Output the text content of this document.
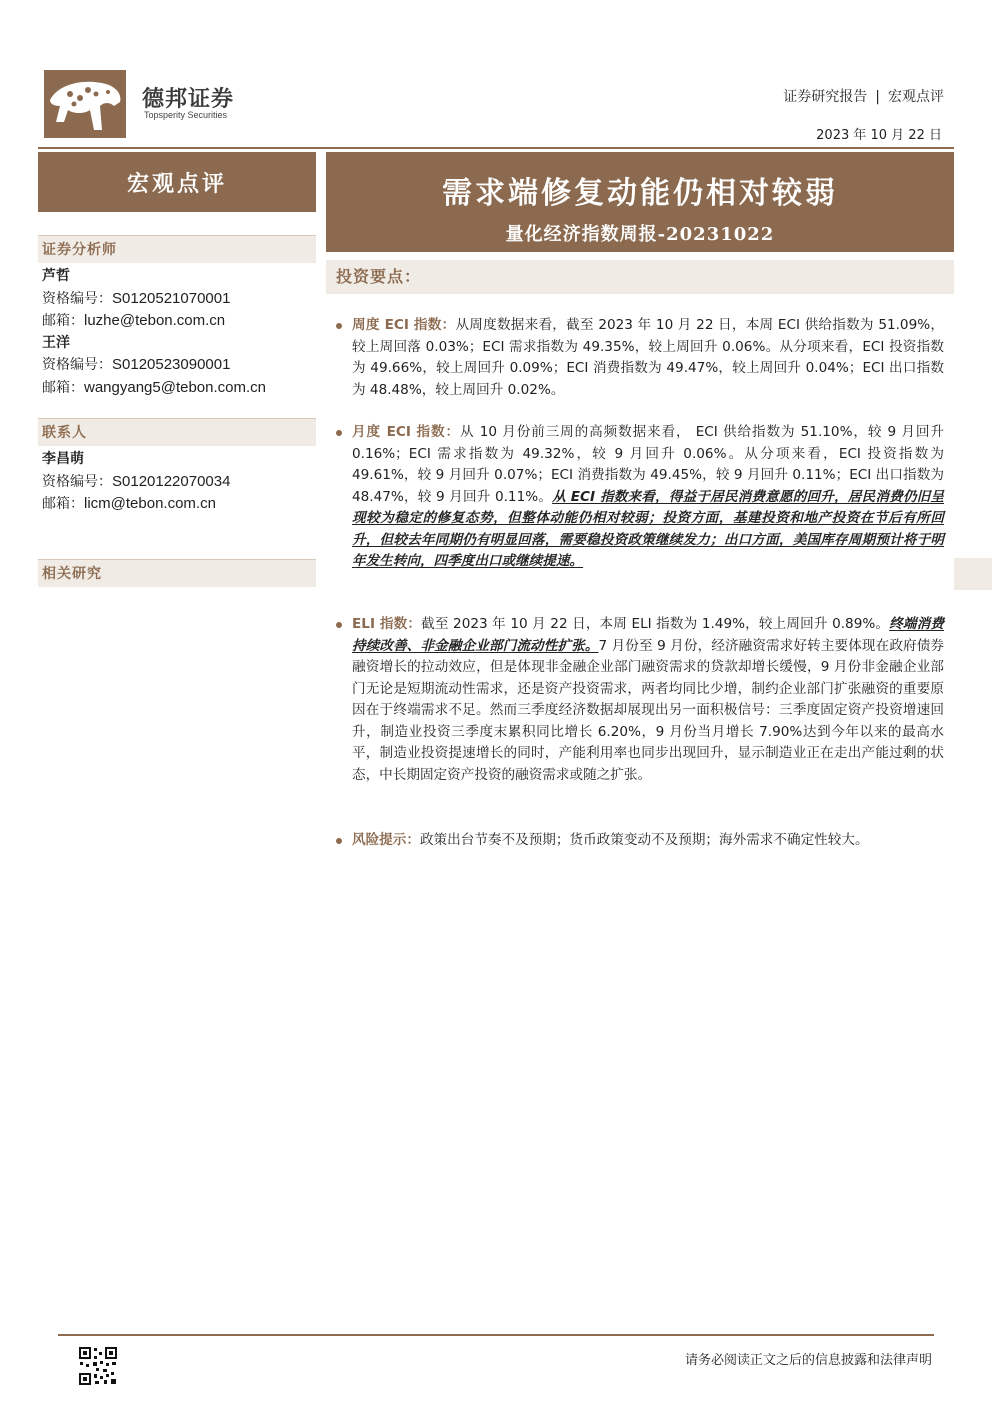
德邦证券
Topsperity Securities
证券研究报告 | 宏观点评
2023 年 10 月 22 日
宏观点评	需求端修复动能仍相对较弱
量化经济指数周报-20231022
证券分析师
芦哲
资格编号：S0120521070001
邮箱：luzhe@tebon.com.cn
王洋
资格编号：S0120523090001
邮箱：wangyang5@tebon.com.cn
联系人
李昌萌
资格编号：S0120122070034
邮箱：licm@tebon.com.cn
相关研究
投资要点：
周度 ECI 指数：从周度数据来看，截至 2023 年 10 月 22 日，本周 ECI 供给指数为 51.09%，较上周回落 0.03%；ECI 需求指数为 49.35%，较上周回升 0.06%。从分项来看，ECI 投资指数为 49.66%，较上周回升 0.09%；ECI 消费指数为 49.47%，较上周回升 0.04%；ECI 出口指数为 48.48%，较上周回升 0.02%。
月度 ECI 指数：从 10 月份前三周的高频数据来看， ECI 供给指数为 51.10%，较 9 月回升 0.16%；ECI 需求指数为 49.32%，较 9 月回升 0.06%。从分项来看，ECI 投资指数为 49.61%，较 9 月回升 0.07%；ECI 消费指数为 49.45%，较 9 月回升 0.11%；ECI 出口指数为 48.47%，较 9 月回升 0.11%。从 ECI 指数来看，得益于居民消费意愿的回升，居民消费仍旧呈现较为稳定的修复态势，但整体动能仍相对较弱；投资方面，基建投资和地产投资在节后有所回升，但较去年同期仍有明显回落，需要稳投资政策继续发力；出口方面，美国库存周期预计将于明年发生转向，四季度出口或继续提速。
ELI 指数：截至 2023 年 10 月 22 日，本周 ELI 指数为 1.49%，较上周回升 0.89%。终端消费持续改善、非金融企业部门流动性扩张。7 月份至 9 月份，经济融资需求好转主要体现在政府债券融资增长的拉动效应，但是体现非金融企业部门融资需求的贷款却增长缓慢，9 月份非金融企业部门无论是短期流动性需求，还是资产投资需求，两者均同比少增，制约企业部门扩张融资的重要原因在于终端需求不足。然而三季度经济数据却展现出另一面积极信号：三季度固定资产投资增速回升，制造业投资三季度末累积同比增长 6.20%，9 月份当月增长 7.90%达到今年以来的最高水平，制造业投资提速增长的同时，产能利用率也同步出现回升，显示制造业正在走出产能过剩的状态，中长期固定资产投资的融资需求或随之扩张。
风险提示：政策出台节奏不及预期；货币政策变动不及预期；海外需求不确定性较大。
请务必阅读正文之后的信息披露和法律声明
